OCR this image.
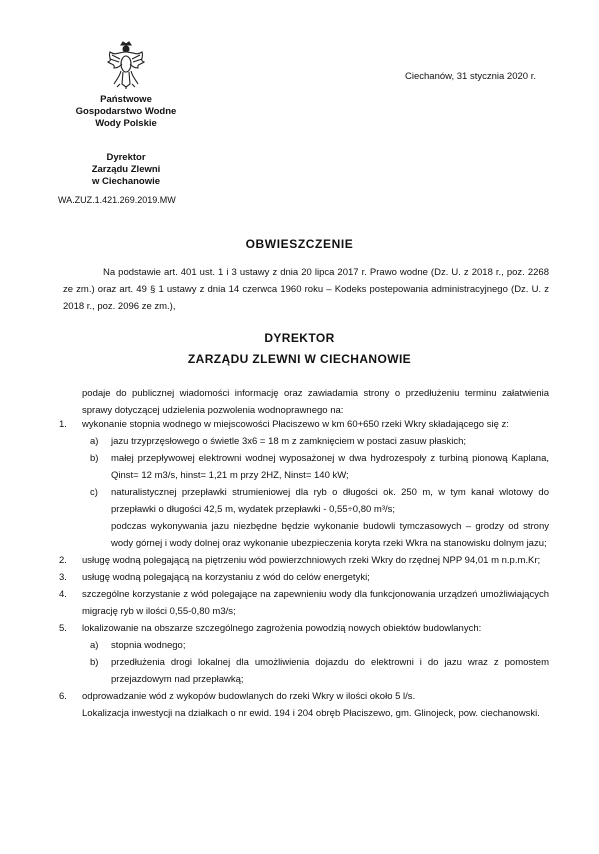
Państwowe
Gospodarstwo Wodne
Wody Polskie
Dyrektor
Zarządu Zlewni
w Ciechanowie
WA.ZUZ.1.421.269.2019.MW
Ciechanów, 31 stycznia 2020 r.
OBWIESZCZENIE
Na podstawie art. 401 ust. 1 i 3 ustawy z dnia 20 lipca 2017 r. Prawo wodne (Dz. U. z 2018 r., poz. 2268 ze zm.) oraz art. 49 § 1 ustawy z dnia 14 czerwca 1960 roku – Kodeks postepowania administracyjnego (Dz. U. z 2018 r., poz. 2096 ze zm.),
DYREKTOR
ZARZĄDU ZLEWNI W CIECHANOWIE
podaje do publicznej wiadomości informację oraz zawiadamia strony o przedłużeniu terminu załatwienia sprawy dotyczącej udzielenia pozwolenia wodnoprawnego na:
1. wykonanie stopnia wodnego w miejscowości Płaciszewo w km 60+650 rzeki Wkry składającego się z:
a) jazu trzyprzęsłowego o świetle 3x6 = 18 m z zamknięciem w postaci zasuw płaskich;
b) małej przepływowej elektrowni wodnej wyposażonej w dwa hydrozespoły z turbiną pionową Kaplana, Qinst= 12 m3/s, hinst= 1,21 m przy 2HZ, Ninst= 140 kW;
c) naturalistycznej przepławki strumieniowej dla ryb o długości ok. 250 m, w tym kanał wlotowy do przepławki o długości 42,5 m, wydatek przepławki - 0,55÷0,80 m³/s;
podczas wykonywania jazu niezbędne będzie wykonanie budowli tymczasowych – grodzy od strony wody górnej i wody dolnej oraz wykonanie ubezpieczenia koryta rzeki Wkra na stanowisku dolnym jazu;
2. usługę wodną polegającą na piętrzeniu wód powierzchniowych rzeki Wkry do rzędnej NPP 94,01 m n.p.m.Kr;
3. usługę wodną polegającą na korzystaniu z wód do celów energetyki;
4. szczególne korzystanie z wód polegające na zapewnieniu wody dla funkcjonowania urządzeń umożliwiających migrację ryb w ilości 0,55-0,80 m3/s;
5. lokalizowanie na obszarze szczególnego zagrożenia powodzią nowych obiektów budowlanych:
a) stopnia wodnego;
b) przedłużenia drogi lokalnej dla umożliwienia dojazdu do elektrowni i do jazu wraz z pomostem przejazdowym nad przepławką;
6. odprowadzanie wód z wykopów budowlanych do rzeki Wkry w ilości około 5 l/s.
Lokalizacja inwestycji na działkach o nr ewid. 194 i 204 obręb Płaciszewo, gm. Glinojeck, pow. ciechanowski.
